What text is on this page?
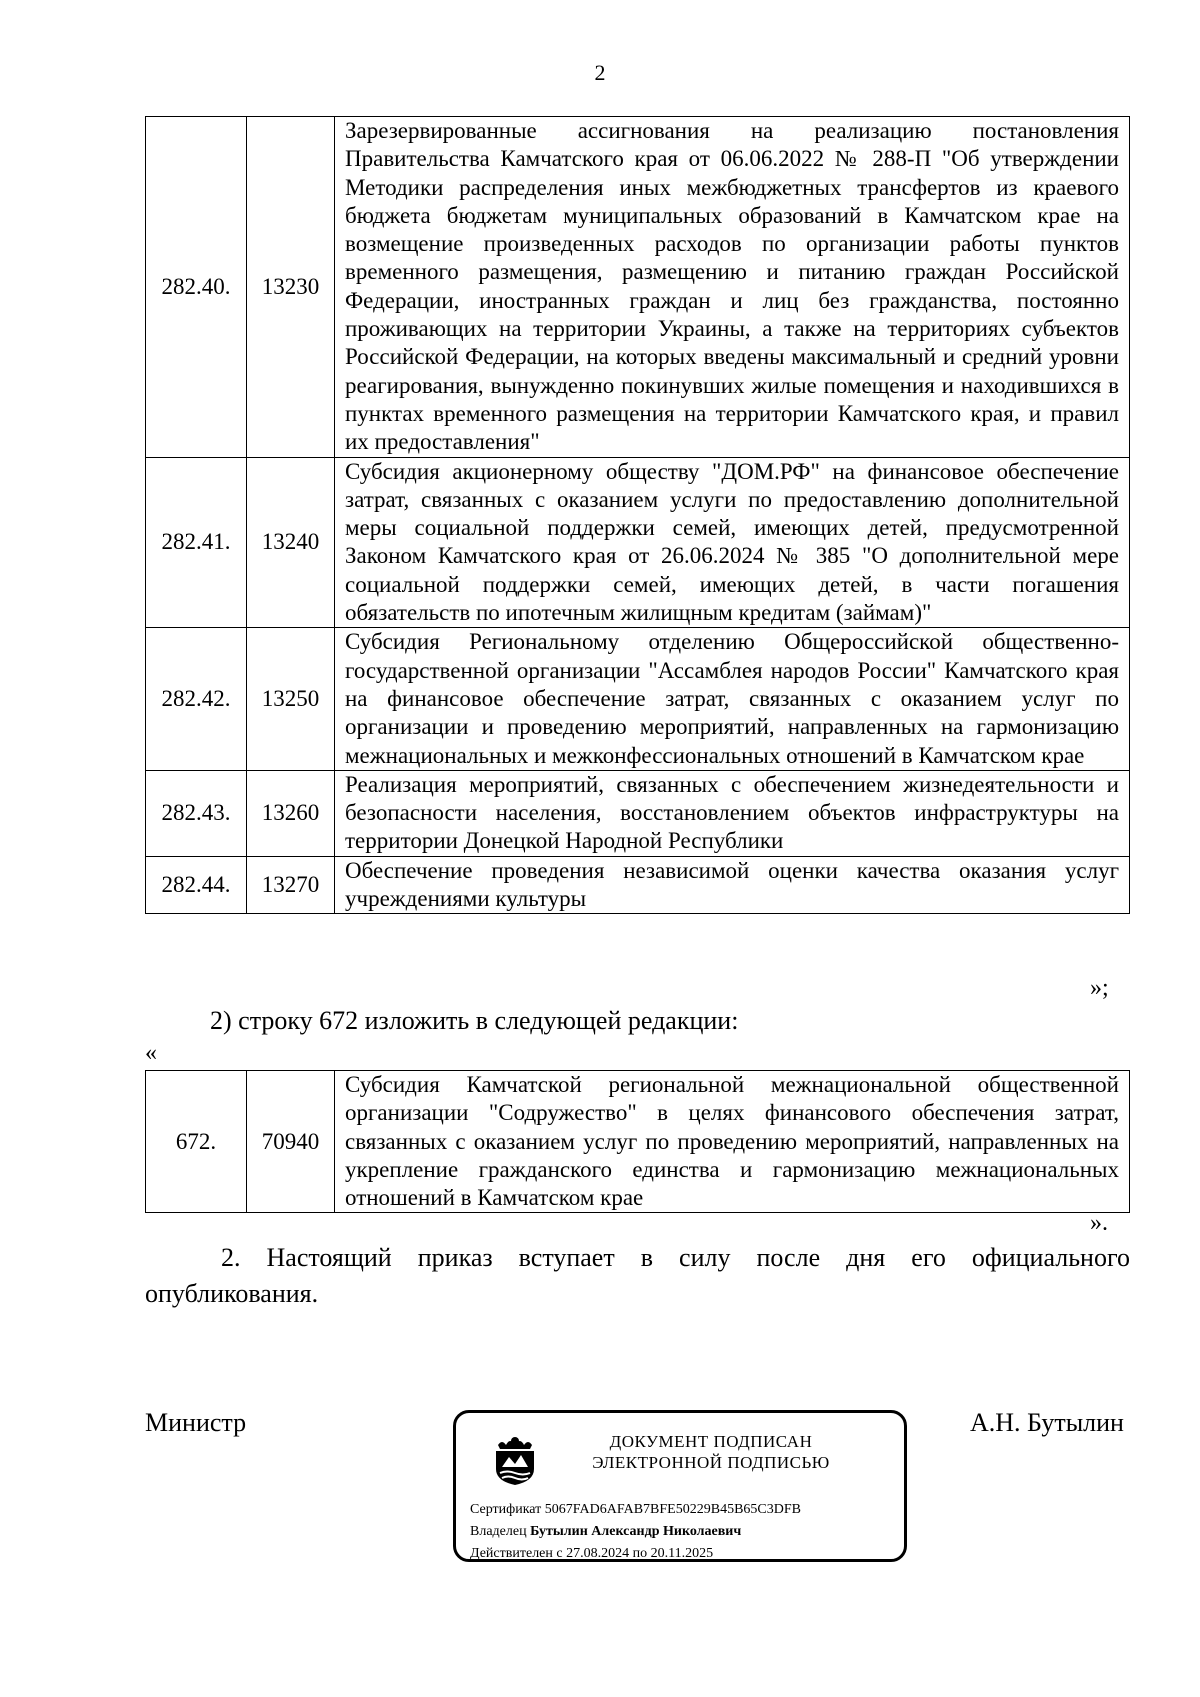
2
282.40.	13230	Зарезервированные ассигнования на реализацию постановления Правительства Камчатского края от 06.06.2022 № 288-П "Об утверждении Методики распределения иных межбюджетных трансфертов из краевого бюджета бюджетам муниципальных образований в Камчатском крае на возмещение произведенных расходов по организации работы пунктов временного размещения, размещению и питанию граждан Российской Федерации, иностранных граждан и лиц без гражданства, постоянно проживающих на территории Украины, а также на территориях субъектов Российской Федерации, на которых введены максимальный и средний уровни реагирования, вынужденно покинувших жилые помещения и находившихся в пунктах временного размещения на территории Камчатского края, и правил их предоставления"
282.41.	13240	Субсидия акционерному обществу "ДОМ.РФ" на финансовое обеспечение затрат, связанных с оказанием услуги по предоставлению дополнительной меры социальной поддержки семей, имеющих детей, предусмотренной Законом Камчатского края от 26.06.2024 № 385 "О дополнительной мере социальной поддержки семей, имеющих детей, в части погашения обязательств по ипотечным жилищным кредитам (займам)"
282.42.	13250	Субсидия Региональному отделению Общероссийской общественно-государственной организации "Ассамблея народов России" Камчатского края на финансовое обеспечение затрат, связанных с оказанием услуг по организации и проведению мероприятий, направленных на гармонизацию межнациональных и межконфессиональных отношений в Камчатском крае
282.43.	13260	Реализация мероприятий, связанных с обеспечением жизнедеятельности и безопасности населения, восстановлением объектов инфраструктуры на территории Донецкой Народной Республики
282.44.	13270	Обеспечение проведения независимой оценки качества оказания услуг учреждениями культуры
»;
2) строку 672 изложить в следующей редакции:
«
672.	70940	Субсидия Камчатской региональной межнациональной общественной организации "Содружество" в целях финансового обеспечения затрат, связанных с оказанием услуг по проведению мероприятий, направленных на укрепление гражданского единства и гармонизацию межнациональных отношений в Камчатском крае
».
2. Настоящий приказ вступает в силу после дня его официального опубликования.
Министр
ДОКУМЕНТ ПОДПИСАН
ЭЛЕКТРОННОЙ ПОДПИСЬЮ
Сертификат 5067FAD6AFAB7BFE50229B45B65C3DFB
Владелец Бутылин Александр Николаевич
Действителен с 27.08.2024 по 20.11.2025
А.Н. Бутылин
